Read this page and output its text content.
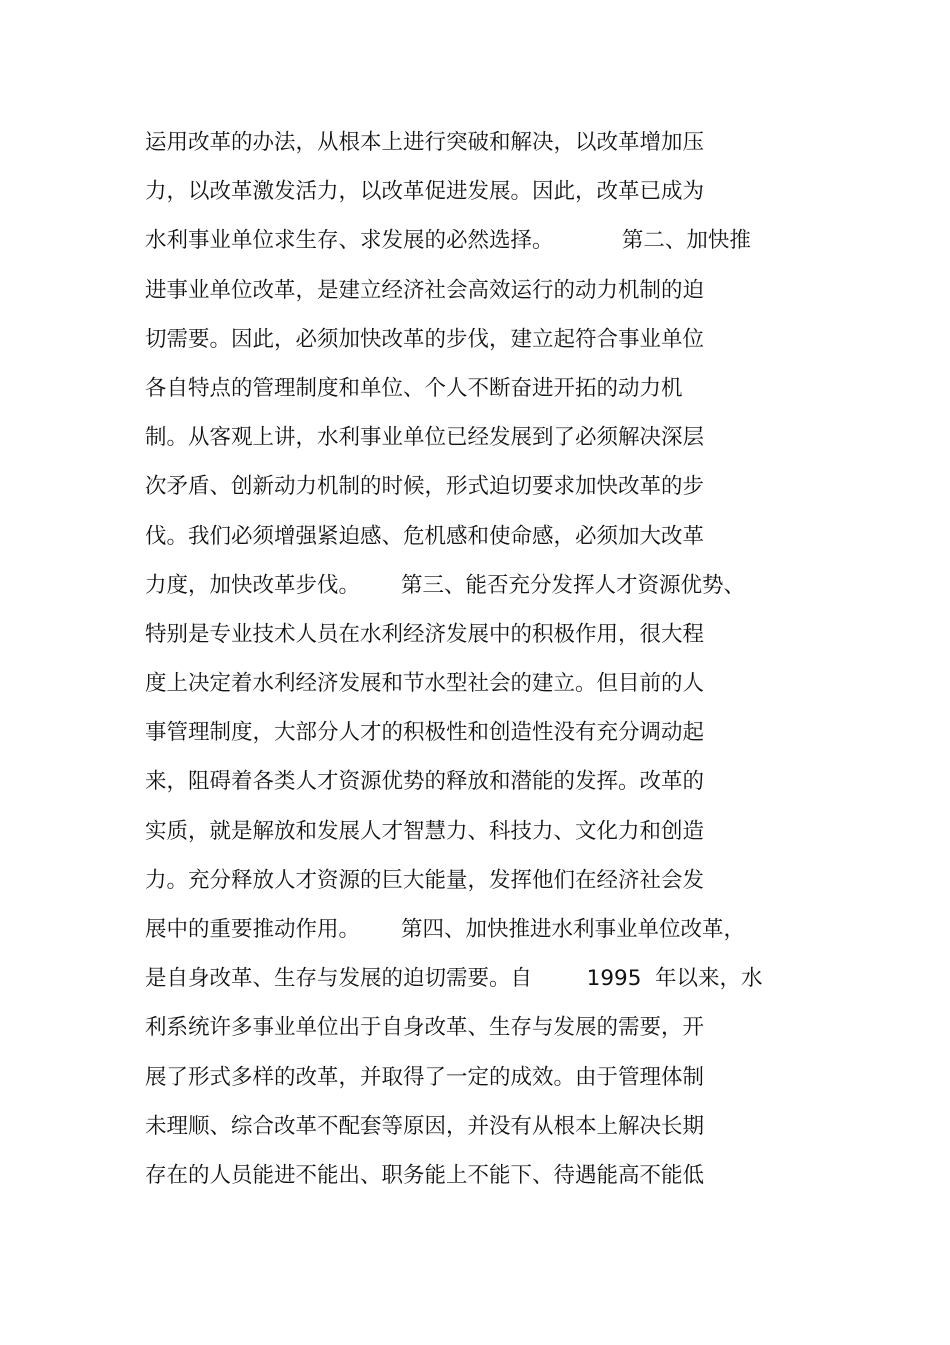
运用改革的办法，从根本上进行突破和解决，以改革增加压
力，以改革激发活力，以改革促进发展。因此，改革已成为
水利事业单位求生存、求发展的必然选择。          第二、加快推
进事业单位改革，是建立经济社会高效运行的动力机制的迫
切需要。因此，必须加快改革的步伐，建立起符合事业单位
各自特点的管理制度和单位、个人不断奋进开拓的动力机
制。从客观上讲，水利事业单位已经发展到了必须解决深层
次矛盾、创新动力机制的时候，形式迫切要求加快改革的步
伐。我们必须增强紧迫感、危机感和使命感，必须加大改革
力度，加快改革步伐。      第三、能否充分发挥人才资源优势、
特别是专业技术人员在水利经济发展中的积极作用，很大程
度上决定着水利经济发展和节水型社会的建立。但目前的人
事管理制度，大部分人才的积极性和创造性没有充分调动起
来，阻碍着各类人才资源优势的释放和潜能的发挥。改革的
实质，就是解放和发展人才智慧力、科技力、文化力和创造
力。充分释放人才资源的巨大能量，发挥他们在经济社会发
展中的重要推动作用。      第四、加快推进水利事业单位改革，
是自身改革、生存与发展的迫切需要。自        1995  年以来，水
利系统许多事业单位出于自身改革、生存与发展的需要，开
展了形式多样的改革，并取得了一定的成效。由于管理体制
未理顺、综合改革不配套等原因，并没有从根本上解决长期
存在的人员能进不能出、职务能上不能下、待遇能高不能低
